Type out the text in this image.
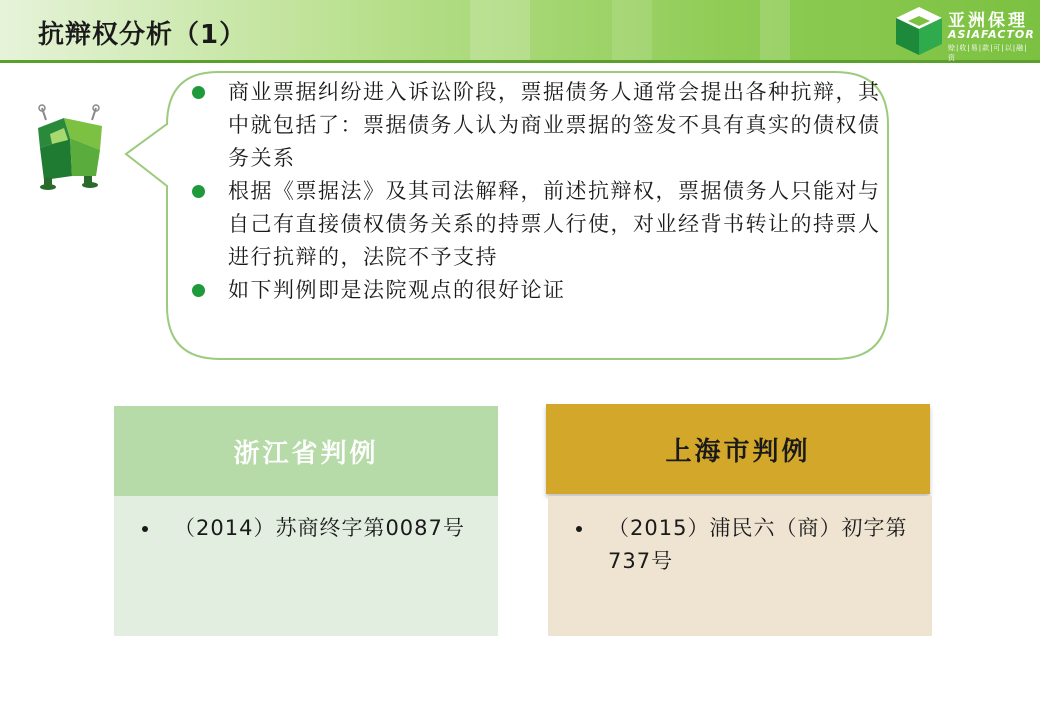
抗辩权分析（1）	亚洲保理
ASIAFACTOR
赊|收|易|款|可|以|融|资
商业票据纠纷进入诉讼阶段，票据债务人通常会提出各种抗辩，其中就包括了：票据债务人认为商业票据的签发不具有真实的债权债务关系
根据《票据法》及其司法解释，前述抗辩权，票据债务人只能对与自己有直接债权债务关系的持票人行使，对业经背书转让的持票人进行抗辩的，法院不予支持
如下判例即是法院观点的很好论证
浙江省判例
（2014）苏商终字第0087号
上海市判例
（2015）浦民六（商）初字第737号
